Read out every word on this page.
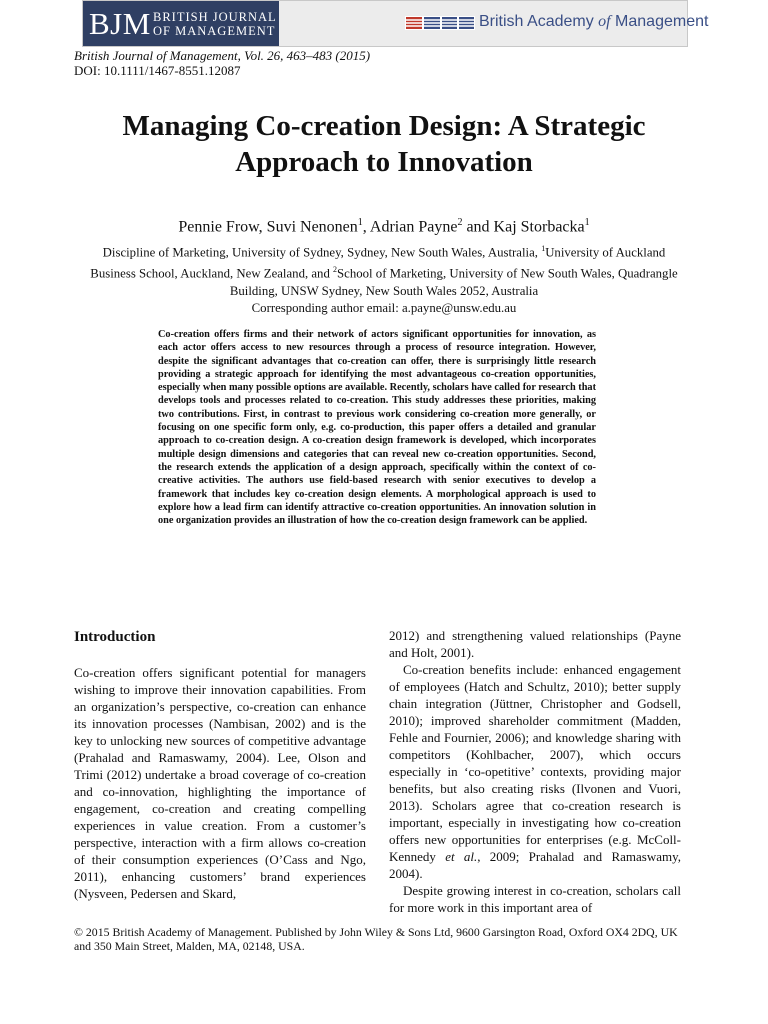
BJM BRITISH JOURNAL
OF MANAGEMENT
British Academy of Management
British Journal of Management, Vol. 26, 463–483 (2015)
DOI: 10.1111/1467-8551.12087
Managing Co-creation Design: A Strategic
Approach to Innovation
Pennie Frow, Suvi Nenonen$^1$, Adrian Payne$^2$ and Kaj Storbacka$^1$
Discipline of Marketing, University of Sydney, Sydney, New South Wales, Australia, $^1$University of Auckland Business School, Auckland, New Zealand, and $^2$School of Marketing, University of New South Wales, Quadrangle Building, UNSW Sydney, New South Wales 2052, Australia
Corresponding author email: a.payne@unsw.edu.au
Co-creation offers firms and their network of actors significant opportunities for innovation, as each actor offers access to new resources through a process of resource integration. However, despite the significant advantages that co-creation can offer, there is surprisingly little research providing a strategic approach for identifying the most advantageous co-creation opportunities, especially when many possible options are available. Recently, scholars have called for research that develops tools and processes related to co-creation. This study addresses these priorities, making two contributions. First, in contrast to previous work considering co-creation more generally, or focusing on one specific form only, e.g. co-production, this paper offers a detailed and granular approach to co-creation design. A co-creation design framework is developed, which incorporates multiple design dimensions and categories that can reveal new co-creation opportunities. Second, the research extends the application of a design approach, specifically within the context of co-creative activities. The authors use field-based research with senior executives to develop a framework that includes key co-creation design elements. A morphological approach is used to explore how a lead firm can identify attractive co-creation opportunities. An innovation solution in one organization provides an illustration of how the co-creation design framework can be applied.
Introduction

Co-creation offers significant potential for managers wishing to improve their innovation capabilities. From an organization’s perspective, co-creation can enhance its innovation processes (Nambisan, 2002) and is the key to unlocking new sources of competitive advantage (Prahalad and Ramaswamy, 2004). Lee, Olson and Trimi (2012) undertake a broad coverage of co-creation and co-innovation, highlighting the importance of engagement, co-creation and creating compelling experiences in value creation. From a customer’s perspective, interaction with a firm allows co-creation of their consumption experiences (O’Cass and Ngo, 2011), enhancing customers’ brand experiences (Nysveen, Pedersen and Skard,

2012) and strengthening valued relationships (Payne and Holt, 2001).

Co-creation benefits include: enhanced engagement of employees (Hatch and Schultz, 2010); better supply chain integration (Jüttner, Christopher and Godsell, 2010); improved shareholder commitment (Madden, Fehle and Fournier, 2006); and knowledge sharing with competitors (Kohlbacher, 2007), which occurs especially in ‘co-opetitive’ contexts, providing major benefits, but also creating risks (Ilvonen and Vuori, 2013). Scholars agree that co-creation research is important, especially in investigating how co-creation offers new opportunities for enterprises (e.g. McColl-Kennedy et al., 2009; Prahalad and Ramaswamy, 2004).

Despite growing interest in co-creation, scholars call for more work in this important area of

© 2015 British Academy of Management. Published by John Wiley & Sons Ltd, 9600 Garsington Road, Oxford OX4 2DQ, UK and 350 Main Street, Malden, MA, 02148, USA.
